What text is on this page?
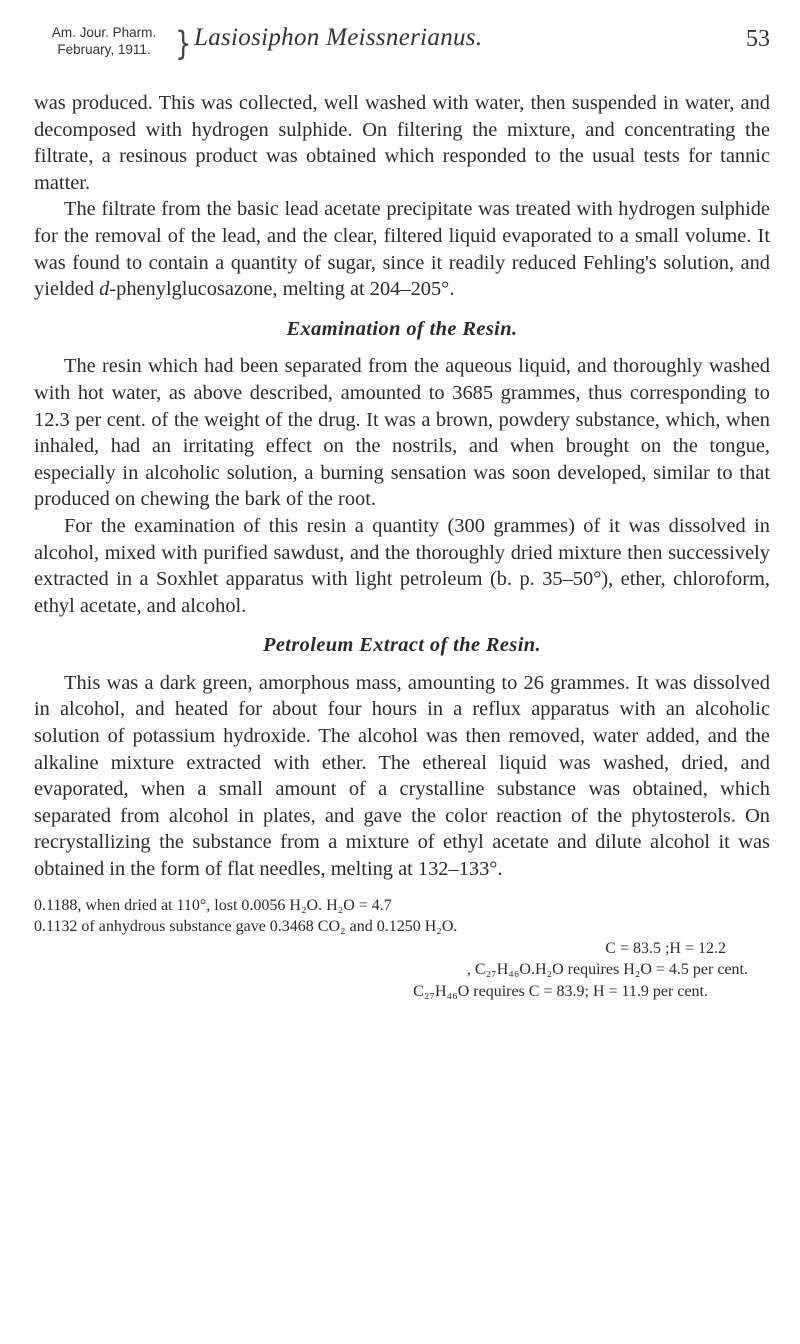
Am. Jour. Pharm.
February, 1911. } Lasiosiphon Meissnerianus.	53

was produced. This was collected, well washed with water, then suspended in water, and decomposed with hydrogen sulphide. On filtering the mixture, and concentrating the filtrate, a resinous product was obtained which responded to the usual tests for tannic matter.

The filtrate from the basic lead acetate precipitate was treated with hydrogen sulphide for the removal of the lead, and the clear, filtered liquid evaporated to a small volume. It was found to contain a quantity of sugar, since it readily reduced Fehling's solution, and yielded d-phenylglucosazone, melting at 204–205°.

Examination of the Resin.

The resin which had been separated from the aqueous liquid, and thoroughly washed with hot water, as above described, amounted to 3685 grammes, thus corresponding to 12.3 per cent. of the weight of the drug. It was a brown, powdery substance, which, when inhaled, had an irritating effect on the nostrils, and when brought on the tongue, especially in alcoholic solution, a burning sensation was soon developed, similar to that produced on chewing the bark of the root.

For the examination of this resin a quantity (300 grammes) of it was dissolved in alcohol, mixed with purified sawdust, and the thoroughly dried mixture then successively extracted in a Soxhlet apparatus with light petroleum (b. p. 35–50°), ether, chloroform, ethyl acetate, and alcohol.

Petroleum Extract of the Resin.

This was a dark green, amorphous mass, amounting to 26 grammes. It was dissolved in alcohol, and heated for about four hours in a reflux apparatus with an alcoholic solution of potassium hydroxide. The alcohol was then removed, water added, and the alkaline mixture extracted with ether. The ethereal liquid was washed, dried, and evaporated, when a small amount of a crystalline substance was obtained, which separated from alcohol in plates, and gave the color reaction of the phytosterols. On recrystallizing the substance from a mixture of ethyl acetate and dilute alcohol it was obtained in the form of flat needles, melting at 132–133°.

0.1188, when dried at 110°, lost 0.0056 H₂O. H₂O = 4.7
0.1132 of anhydrous substance gave 0.3468 CO₂ and 0.1250 H₂O.
C = 83.5 ;H = 12.2
, C₂₇H₄₆O.H₂O requires H₂O = 4.5 per cent.
C₂₇H₄₆O requires C = 83.9; H = 11.9 per cent.
